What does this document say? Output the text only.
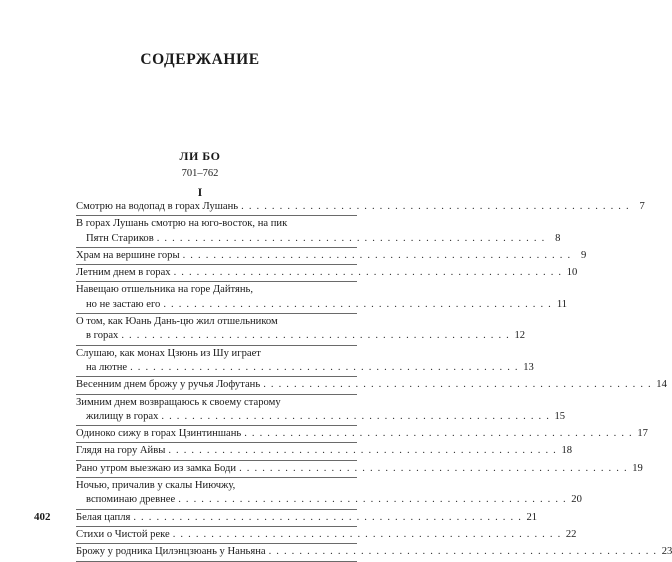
СОДЕРЖАНИЕ
ЛИ БО
701–762
I
Смотрю на водопад в горах Лушань . . . . . . . . . . . . . . . . . . . . . . . . . . . . . . . . . . . . . . . . . . . . . . . . . . . 7
В горах Лушань смотрю на юго-восток, на пик
Пятн Стариков . . . . . . . . . . . . . . . . . . . . . . . . . . . . . . . . . . . . . . . . . . . . . . . . . . . 8
Храм на вершине горы . . . . . . . . . . . . . . . . . . . . . . . . . . . . . . . . . . . . . . . . . . . . . . . . . . . 9
Летним днем в горах . . . . . . . . . . . . . . . . . . . . . . . . . . . . . . . . . . . . . . . . . . . . . . . . . . . 10
Навещаю отшельника на горе Дайтянь,
но не застаю его . . . . . . . . . . . . . . . . . . . . . . . . . . . . . . . . . . . . . . . . . . . . . . . . . . . 11
О том, как Юань Дань-цю жил отшельником
в горах . . . . . . . . . . . . . . . . . . . . . . . . . . . . . . . . . . . . . . . . . . . . . . . . . . . 12
Слушаю, как монах Цзюнь из Шу играет
на лютне . . . . . . . . . . . . . . . . . . . . . . . . . . . . . . . . . . . . . . . . . . . . . . . . . . . 13
Весенним днем брожу у ручья Лофутань . . . . . . . . . . . . . . . . . . . . . . . . . . . . . . . . . . . . . . . . . . . . . . . . . . . 14
Зимним днем возвращаюсь к своему старому
жилищу в горах . . . . . . . . . . . . . . . . . . . . . . . . . . . . . . . . . . . . . . . . . . . . . . . . . . . 15
Одиноко сижу в горах Цзинтиншань . . . . . . . . . . . . . . . . . . . . . . . . . . . . . . . . . . . . . . . . . . . . . . . . . . . 17
Глядя на гору Айвы . . . . . . . . . . . . . . . . . . . . . . . . . . . . . . . . . . . . . . . . . . . . . . . . . . . 18
Рано утром выезжаю из замка Боди . . . . . . . . . . . . . . . . . . . . . . . . . . . . . . . . . . . . . . . . . . . . . . . . . . . 19
Ночью, причалив у скалы Ниючжу,
вспоминаю древнее . . . . . . . . . . . . . . . . . . . . . . . . . . . . . . . . . . . . . . . . . . . . . . . . . . . 20
Белая цапля . . . . . . . . . . . . . . . . . . . . . . . . . . . . . . . . . . . . . . . . . . . . . . . . . . . 21
Стихи о Чистой реке . . . . . . . . . . . . . . . . . . . . . . . . . . . . . . . . . . . . . . . . . . . . . . . . . . . 22
Брожу у родника Цилэнцзюань у Наньяна . . . . . . . . . . . . . . . . . . . . . . . . . . . . . . . . . . . . . . . . . . . . . . . . . . . 23
402
